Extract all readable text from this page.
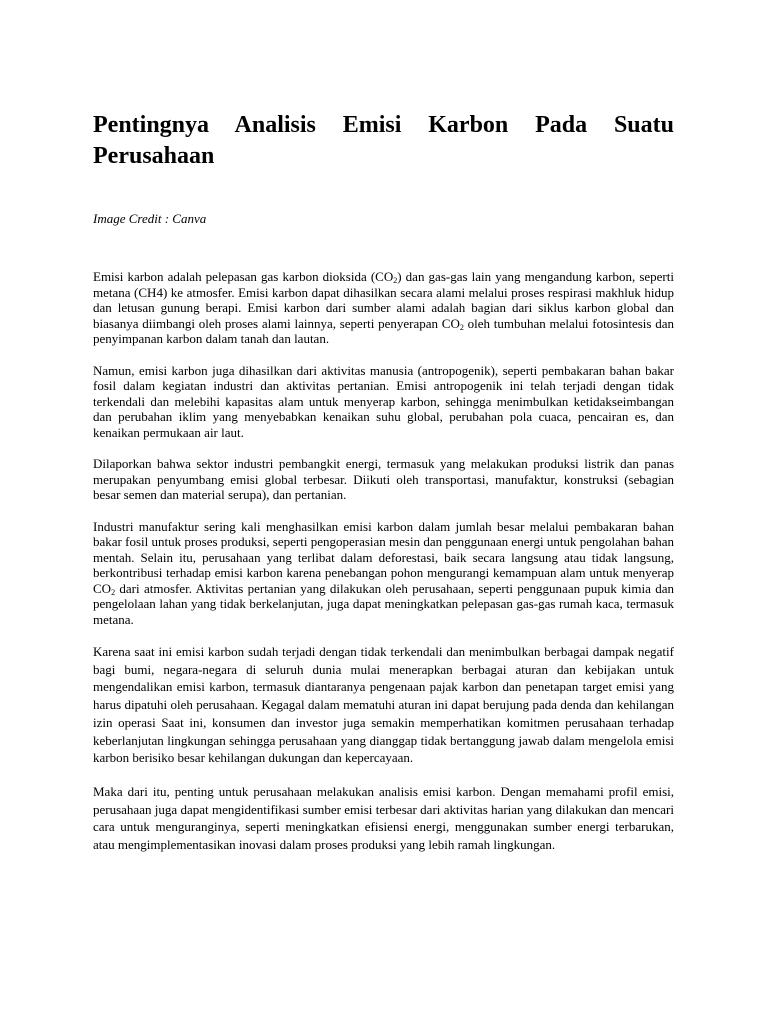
Pentingnya Analisis Emisi Karbon Pada Suatu Perusahaan

Image Credit : Canva

Emisi karbon adalah pelepasan gas karbon dioksida $(CO_2)$ dan gas-gas lain yang mengandung karbon, seperti metana (CH4) ke atmosfer. Emisi karbon dapat dihasilkan secara alami melalui proses respirasi makhluk hidup dan letusan gunung berapi. Emisi karbon dari sumber alami adalah bagian dari siklus karbon global dan biasanya diimbangi oleh proses alami lainnya, seperti penyerapan $CO_2$ oleh tumbuhan melalui fotosintesis dan penyimpanan karbon dalam tanah dan lautan.

Namun, emisi karbon juga dihasilkan dari aktivitas manusia (antropogenik), seperti pembakaran bahan bakar fosil dalam kegiatan industri dan aktivitas pertanian. Emisi antropogenik ini telah terjadi dengan tidak terkendali dan melebihi kapasitas alam untuk menyerap karbon, sehingga menimbulkan ketidakseimbangan dan perubahan iklim yang menyebabkan kenaikan suhu global, perubahan pola cuaca, pencairan es, dan kenaikan permukaan air laut.

Dilaporkan bahwa sektor industri pembangkit energi, termasuk yang melakukan produksi listrik dan panas merupakan penyumbang emisi global terbesar. Diikuti oleh transportasi, manufaktur, konstruksi (sebagian besar semen dan material serupa), dan pertanian.

Industri manufaktur sering kali menghasilkan emisi karbon dalam jumlah besar melalui pembakaran bahan bakar fosil untuk proses produksi, seperti pengoperasian mesin dan penggunaan energi untuk pengolahan bahan mentah. Selain itu, perusahaan yang terlibat dalam deforestasi, baik secara langsung atau tidak langsung, berkontribusi terhadap emisi karbon karena penebangan pohon mengurangi kemampuan alam untuk menyerap $CO_2$ dari atmosfer. Aktivitas pertanian yang dilakukan oleh perusahaan, seperti penggunaan pupuk kimia dan pengelolaan lahan yang tidak berkelanjutan, juga dapat meningkatkan pelepasan gas-gas rumah kaca, termasuk metana.

Karena saat ini emisi karbon sudah terjadi dengan tidak terkendali dan menimbulkan berbagai dampak negatif bagi bumi, negara-negara di seluruh dunia mulai menerapkan berbagai aturan dan kebijakan untuk mengendalikan emisi karbon, termasuk diantaranya pengenaan pajak karbon dan penetapan target emisi yang harus dipatuhi oleh perusahaan. Kegagal dalam mematuhi aturan ini dapat berujung pada denda dan kehilangan izin operasi Saat ini, konsumen dan investor juga semakin memperhatikan komitmen perusahaan terhadap keberlanjutan lingkungan sehingga perusahaan yang dianggap tidak bertanggung jawab dalam mengelola emisi karbon berisiko besar kehilangan dukungan dan kepercayaan.

Maka dari itu, penting untuk perusahaan melakukan analisis emisi karbon. Dengan memahami profil emisi, perusahaan juga dapat mengidentifikasi sumber emisi terbesar dari aktivitas harian yang dilakukan dan mencari cara untuk menguranginya, seperti meningkatkan efisiensi energi, menggunakan sumber energi terbarukan, atau mengimplementasikan inovasi dalam proses produksi yang lebih ramah lingkungan.
